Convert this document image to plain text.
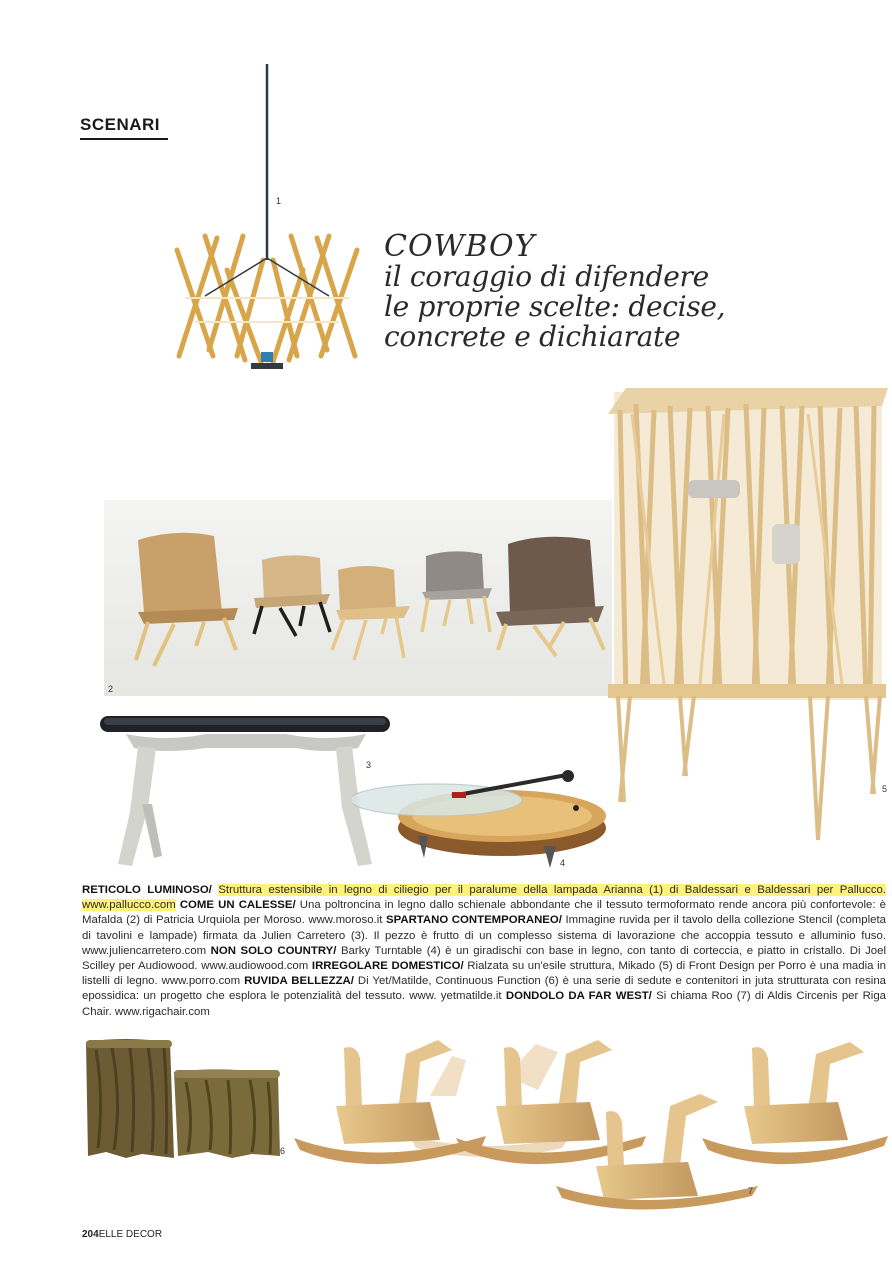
SCENARI
1
COWBOY
il coraggio di difendere
le proprie scelte: decise,
concrete e dichiarate
2
3
4
5
RETICOLO LUMINOSO/ Struttura estensibile in legno di ciliegio per il paralume della lampada Arianna (1) di Baldessari e Baldessari per Pallucco. www.pallucco.com COME UN CALESSE/ Una poltroncina in legno dallo schienale abbondante che il tessuto termoformato rende ancora più confortevole: è Mafalda (2) di Patricia Urquiola per Moroso. www.moroso.it SPARTANO CONTEMPORANEO/ Immagine ruvida per il tavolo della collezione Stencil (completa di tavolini e lampade) firmata da Julien Carretero (3). Il pezzo è frutto di un complesso sistema di lavorazione che accoppia tessuto e alluminio fuso. www.juliencarretero.com NON SOLO COUNTRY/ Barky Turntable (4) è un giradischi con base in legno, con tanto di corteccia, e piatto in cristallo. Di Joel Scilley per Audiowood. www.audiowood.com IRREGOLARE DOMESTICO/ Rialzata su un'esile struttura, Mikado (5) di Front Design per Porro è una madia in listelli di legno. www.porro.com RUVIDA BELLEZZA/ Di Yet/Matilde, Continuous Function (6) è una serie di sedute e contenitori in juta strutturata con resina epossidica: un progetto che esplora le potenzialità del tessuto. www. yetmatilde.it DONDOLO DA FAR WEST/ Si chiama Roo (7) di Aldis Circenis per Riga Chair. www.rigachair.com
6
7
204ELLE DECOR
